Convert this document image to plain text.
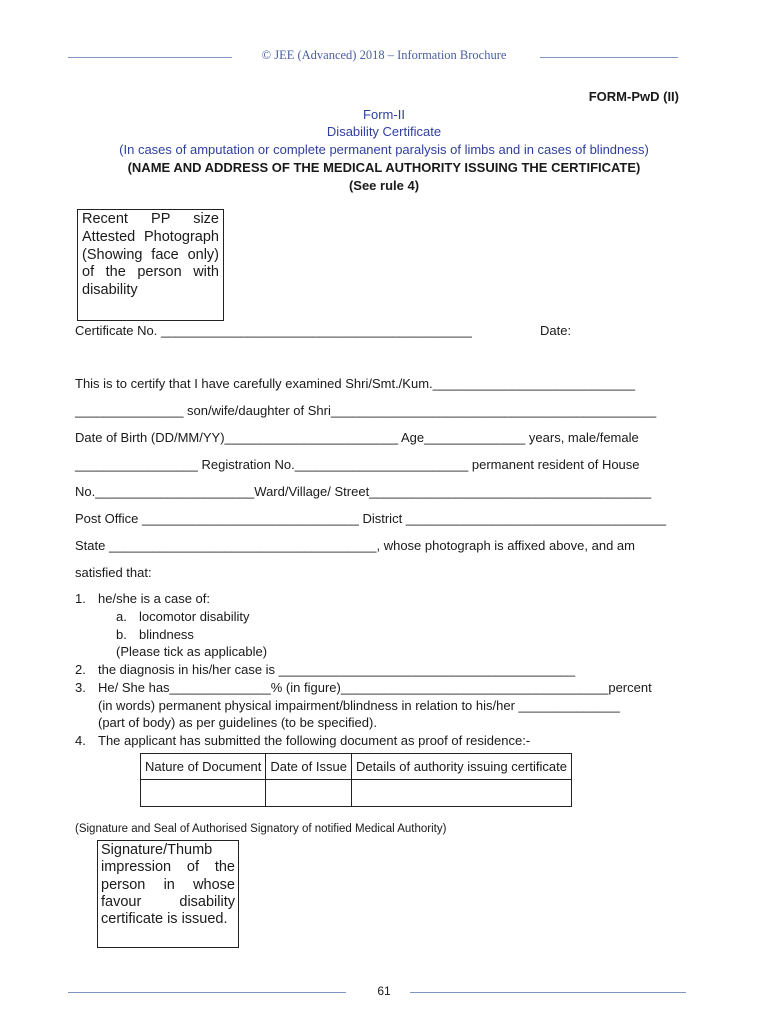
© JEE (Advanced) 2018 – Information Brochure
FORM-PwD (II)
Form-II
Disability Certificate
(In cases of amputation or complete permanent paralysis of limbs and in cases of blindness)
(NAME AND ADDRESS OF THE MEDICAL AUTHORITY ISSUING THE CERTIFICATE)
(See rule 4)
Recent PP size Attested Photograph (Showing face only) of the person with disability
Certificate No. ___________________________________________	Date:
This is to certify that I have carefully examined Shri/Smt./Kum.____________________________
_______________ son/wife/daughter of Shri_____________________________________________
Date of Birth (DD/MM/YY)________________________ Age______________ years, male/female
_________________ Registration No.________________________ permanent resident of House
No.______________________Ward/Village/ Street_______________________________________
Post Office ______________________________ District ____________________________________
State _____________________________________, whose photograph is affixed above, and am
satisfied that:
1. he/she is a case of:
a. locomotor disability
b. blindness
(Please tick as applicable)
2. the diagnosis in his/her case is _________________________________________
3. He/ She has______________% (in figure)_____________________________________percent
(in words) permanent physical impairment/blindness in relation to his/her ______________
(part of body) as per guidelines (to be specified).
4. The applicant has submitted the following document as proof of residence:-
Nature of Document	Date of Issue	Details of authority issuing certificate

(Signature and Seal of Authorised Signatory of notified Medical Authority)
Signature/Thumb impression of the person in whose favour disability certificate is issued.
61
